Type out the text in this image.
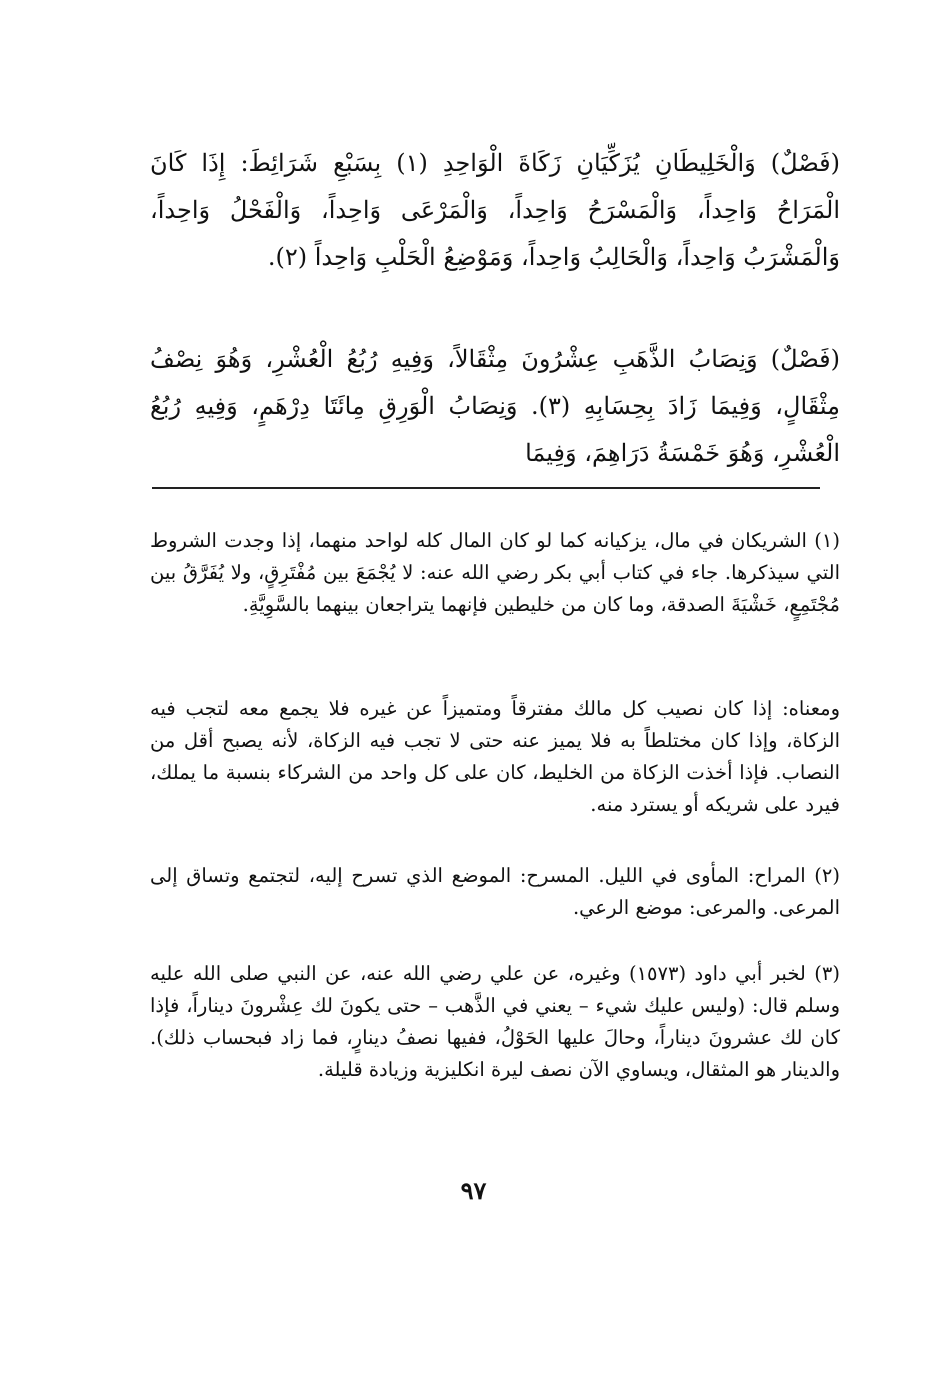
(فَصْلٌ) وَالْخَلِيطَانِ يُزَكِّيَانِ زَكَاةَ الْوَاحِدِ (١) بِسَبْعِ شَرَائِطَ: إِذَا كَانَ الْمَرَاحُ وَاحِداً، وَالْمَسْرَحُ وَاحِداً، وَالْمَرْعَى وَاحِداً، وَالْفَحْلُ وَاحِداً، وَالْمَشْرَبُ وَاحِداً، وَالْحَالِبُ وَاحِداً، وَمَوْضِعُ الْحَلْبِ وَاحِداً (٢).

(فَصْلٌ) وَنِصَابُ الذَّهَبِ عِشْرُونَ مِثْقَالاً، وَفِيهِ رُبُعُ الْعُشْرِ، وَهُوَ نِصْفُ مِثْقَالٍ، وَفِيمَا زَادَ بِحِسَابِهِ (٣). وَنِصَابُ الْوَرِقِ مِائَتَا دِرْهَمٍ، وَفِيهِ رُبُعُ الْعُشْرِ، وَهُوَ خَمْسَةُ دَرَاهِمَ، وَفِيمَا

(١) الشريكان في مال، يزكيانه كما لو كان المال كله لواحد منهما، إذا وجدت الشروط التي سيذكرها. جاء في كتاب أبي بكر رضي الله عنه: لا يُجْمَعَ بين مُفْتَرِقٍ، ولا يُفَرَّقُ بين مُجْتَمِعٍ، خَشْيَةَ الصدقة، وما كان من خليطين فإنهما يتراجعان بينهما بالسَّوِيَّةِ.

ومعناه: إذا كان نصيب كل مالك مفترقاً ومتميزاً عن غيره فلا يجمع معه لتجب فيه الزكاة، وإذا كان مختلطاً به فلا يميز عنه حتى لا تجب فيه الزكاة، لأنه يصبح أقل من النصاب. فإذا أخذت الزكاة من الخليط، كان على كل واحد من الشركاء بنسبة ما يملك، فيرد على شريكه أو يسترد منه.

(٢) المراح: المأوى في الليل. المسرح: الموضع الذي تسرح إليه، لتجتمع وتساق إلى المرعى. والمرعى: موضع الرعي.

(٣) لخبر أبي داود (١٥٧٣) وغيره، عن علي رضي الله عنه، عن النبي صلى الله عليه وسلم قال: (وليس عليك شيء – يعني في الذَّهب – حتى يكونَ لك عِشْرونَ ديناراً، فإذا كان لك عشرونَ ديناراً، وحالَ عليها الحَوْلُ، ففيها نصفُ دينارٍ، فما زاد فبحساب ذلك). والدينار هو المثقال، ويساوي الآن نصف ليرة انكليزية وزيادة قليلة.

٩٧
